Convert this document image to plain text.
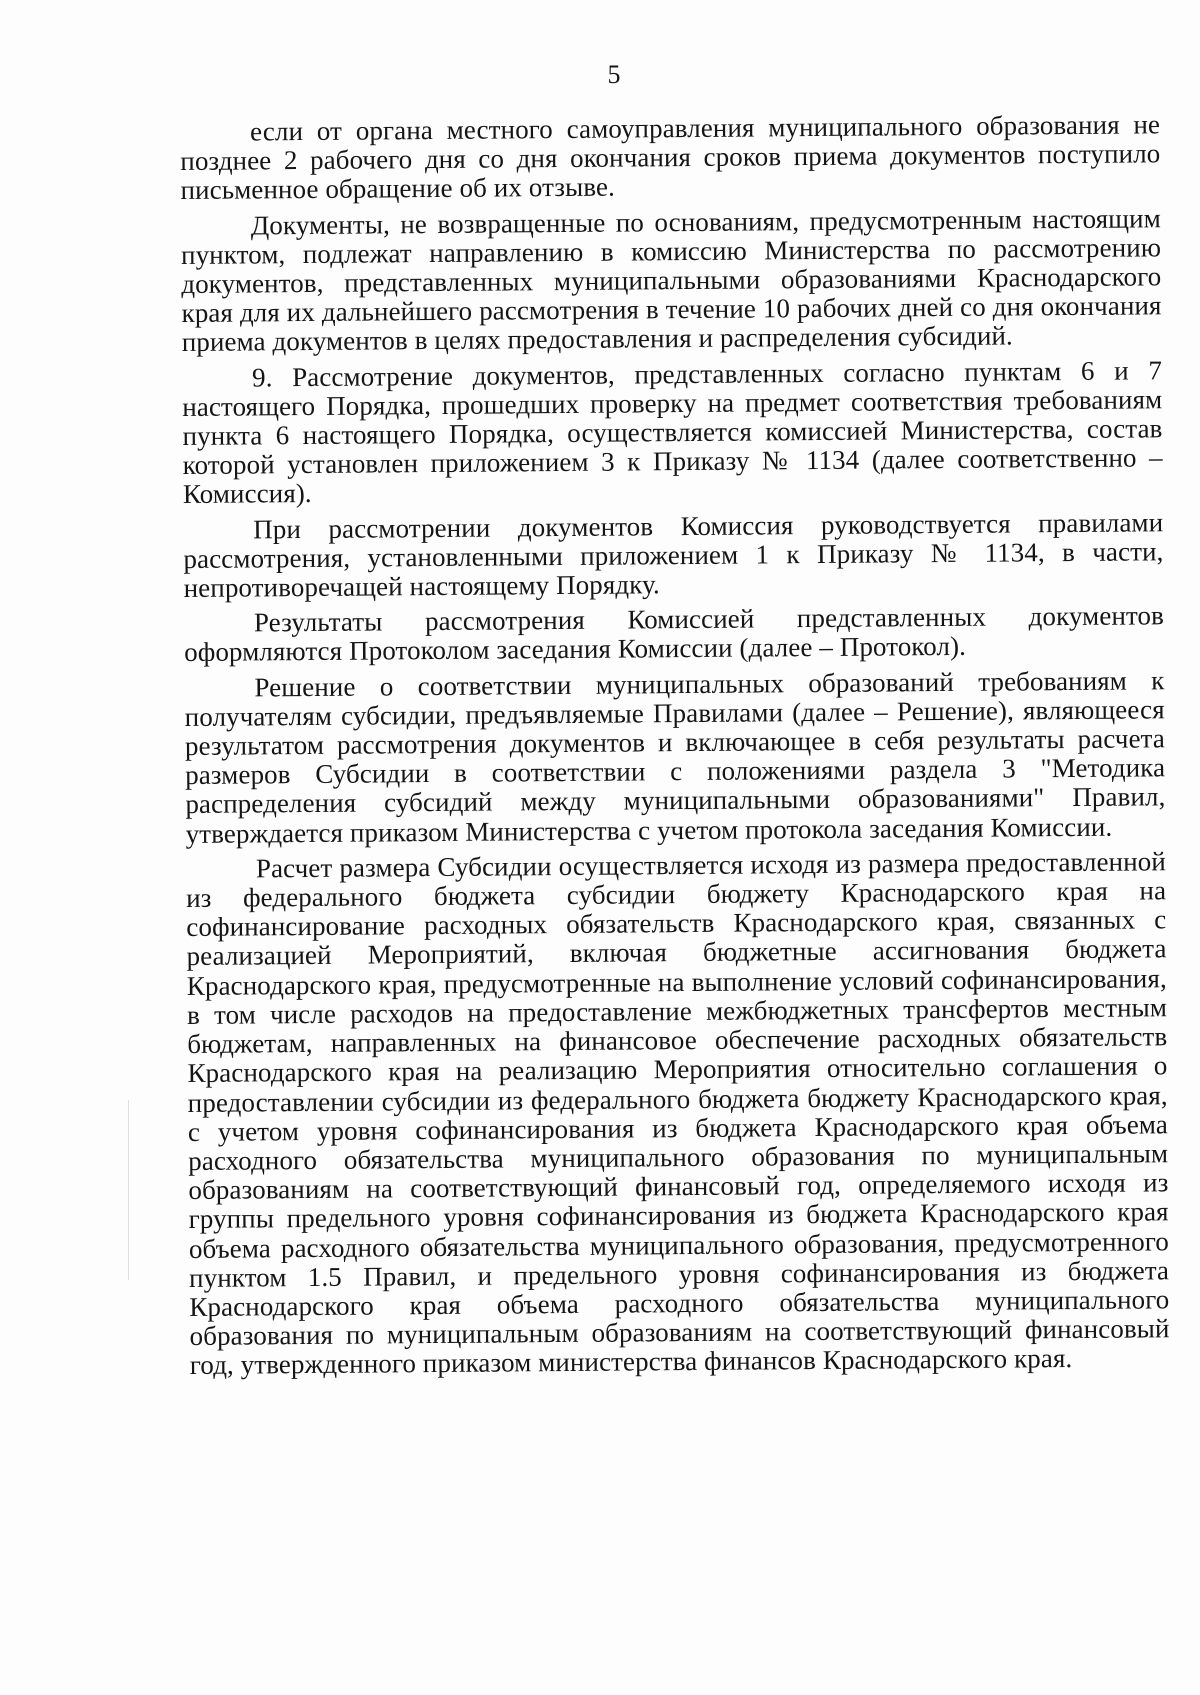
5

если от органа местного самоуправления муниципального образования не позднее 2 рабочего дня со дня окончания сроков приема документов поступило письменное обращение об их отзыве.

Документы, не возвращенные по основаниям, предусмотренным настоящим пунктом, подлежат направлению в комиссию Министерства по рассмотрению документов, представленных муниципальными образованиями Краснодарского края для их дальнейшего рассмотрения в течение 10 рабочих дней со дня окончания приема документов в целях предоставления и распределения субсидий.

9. Рассмотрение документов, представленных согласно пунктам 6 и 7 настоящего Порядка, прошедших проверку на предмет соответствия требованиям пункта 6 настоящего Порядка, осуществляется комиссией Министерства, состав которой установлен приложением 3 к Приказу № 1134 (далее соответственно – Комиссия).

При рассмотрении документов Комиссия руководствуется правилами рассмотрения, установленными приложением 1 к Приказу № 1134, в части, непротиворечащей настоящему Порядку.

Результаты рассмотрения Комиссией представленных документов оформляются Протоколом заседания Комиссии (далее – Протокол).

Решение о соответствии муниципальных образований требованиям к получателям субсидии, предъявляемые Правилами (далее – Решение), являющееся результатом рассмотрения документов и включающее в себя результаты расчета размеров Субсидии в соответствии с положениями раздела 3 "Методика распределения субсидий между муниципальными образованиями" Правил, утверждается приказом Министерства с учетом протокола заседания Комиссии.

Расчет размера Субсидии осуществляется исходя из размера предоставленной из федерального бюджета субсидии бюджету Краснодарского края на софинансирование расходных обязательств Краснодарского края, связанных с реализацией Мероприятий, включая бюджетные ассигнования бюджета Краснодарского края, предусмотренные на выполнение условий софинансирования, в том числе расходов на предоставление межбюджетных трансфертов местным бюджетам, направленных на финансовое обеспечение расходных обязательств Краснодарского края на реализацию Мероприятия относительно соглашения о предоставлении субсидии из федерального бюджета бюджету Краснодарского края, с учетом уровня софинансирования из бюджета Краснодарского края объема расходного обязательства муниципального образования по муниципальным образованиям на соответствующий финансовый год, определяемого исходя из группы предельного уровня софинансирования из бюджета Краснодарского края объема расходного обязательства муниципального образования, предусмотренного пунктом 1.5 Правил, и предельного уровня софинансирования из бюджета Краснодарского края объема расходного обязательства муниципального образования по муниципальным образованиям на соответствующий финансовый год, утвержденного приказом министерства финансов Краснодарского края.
